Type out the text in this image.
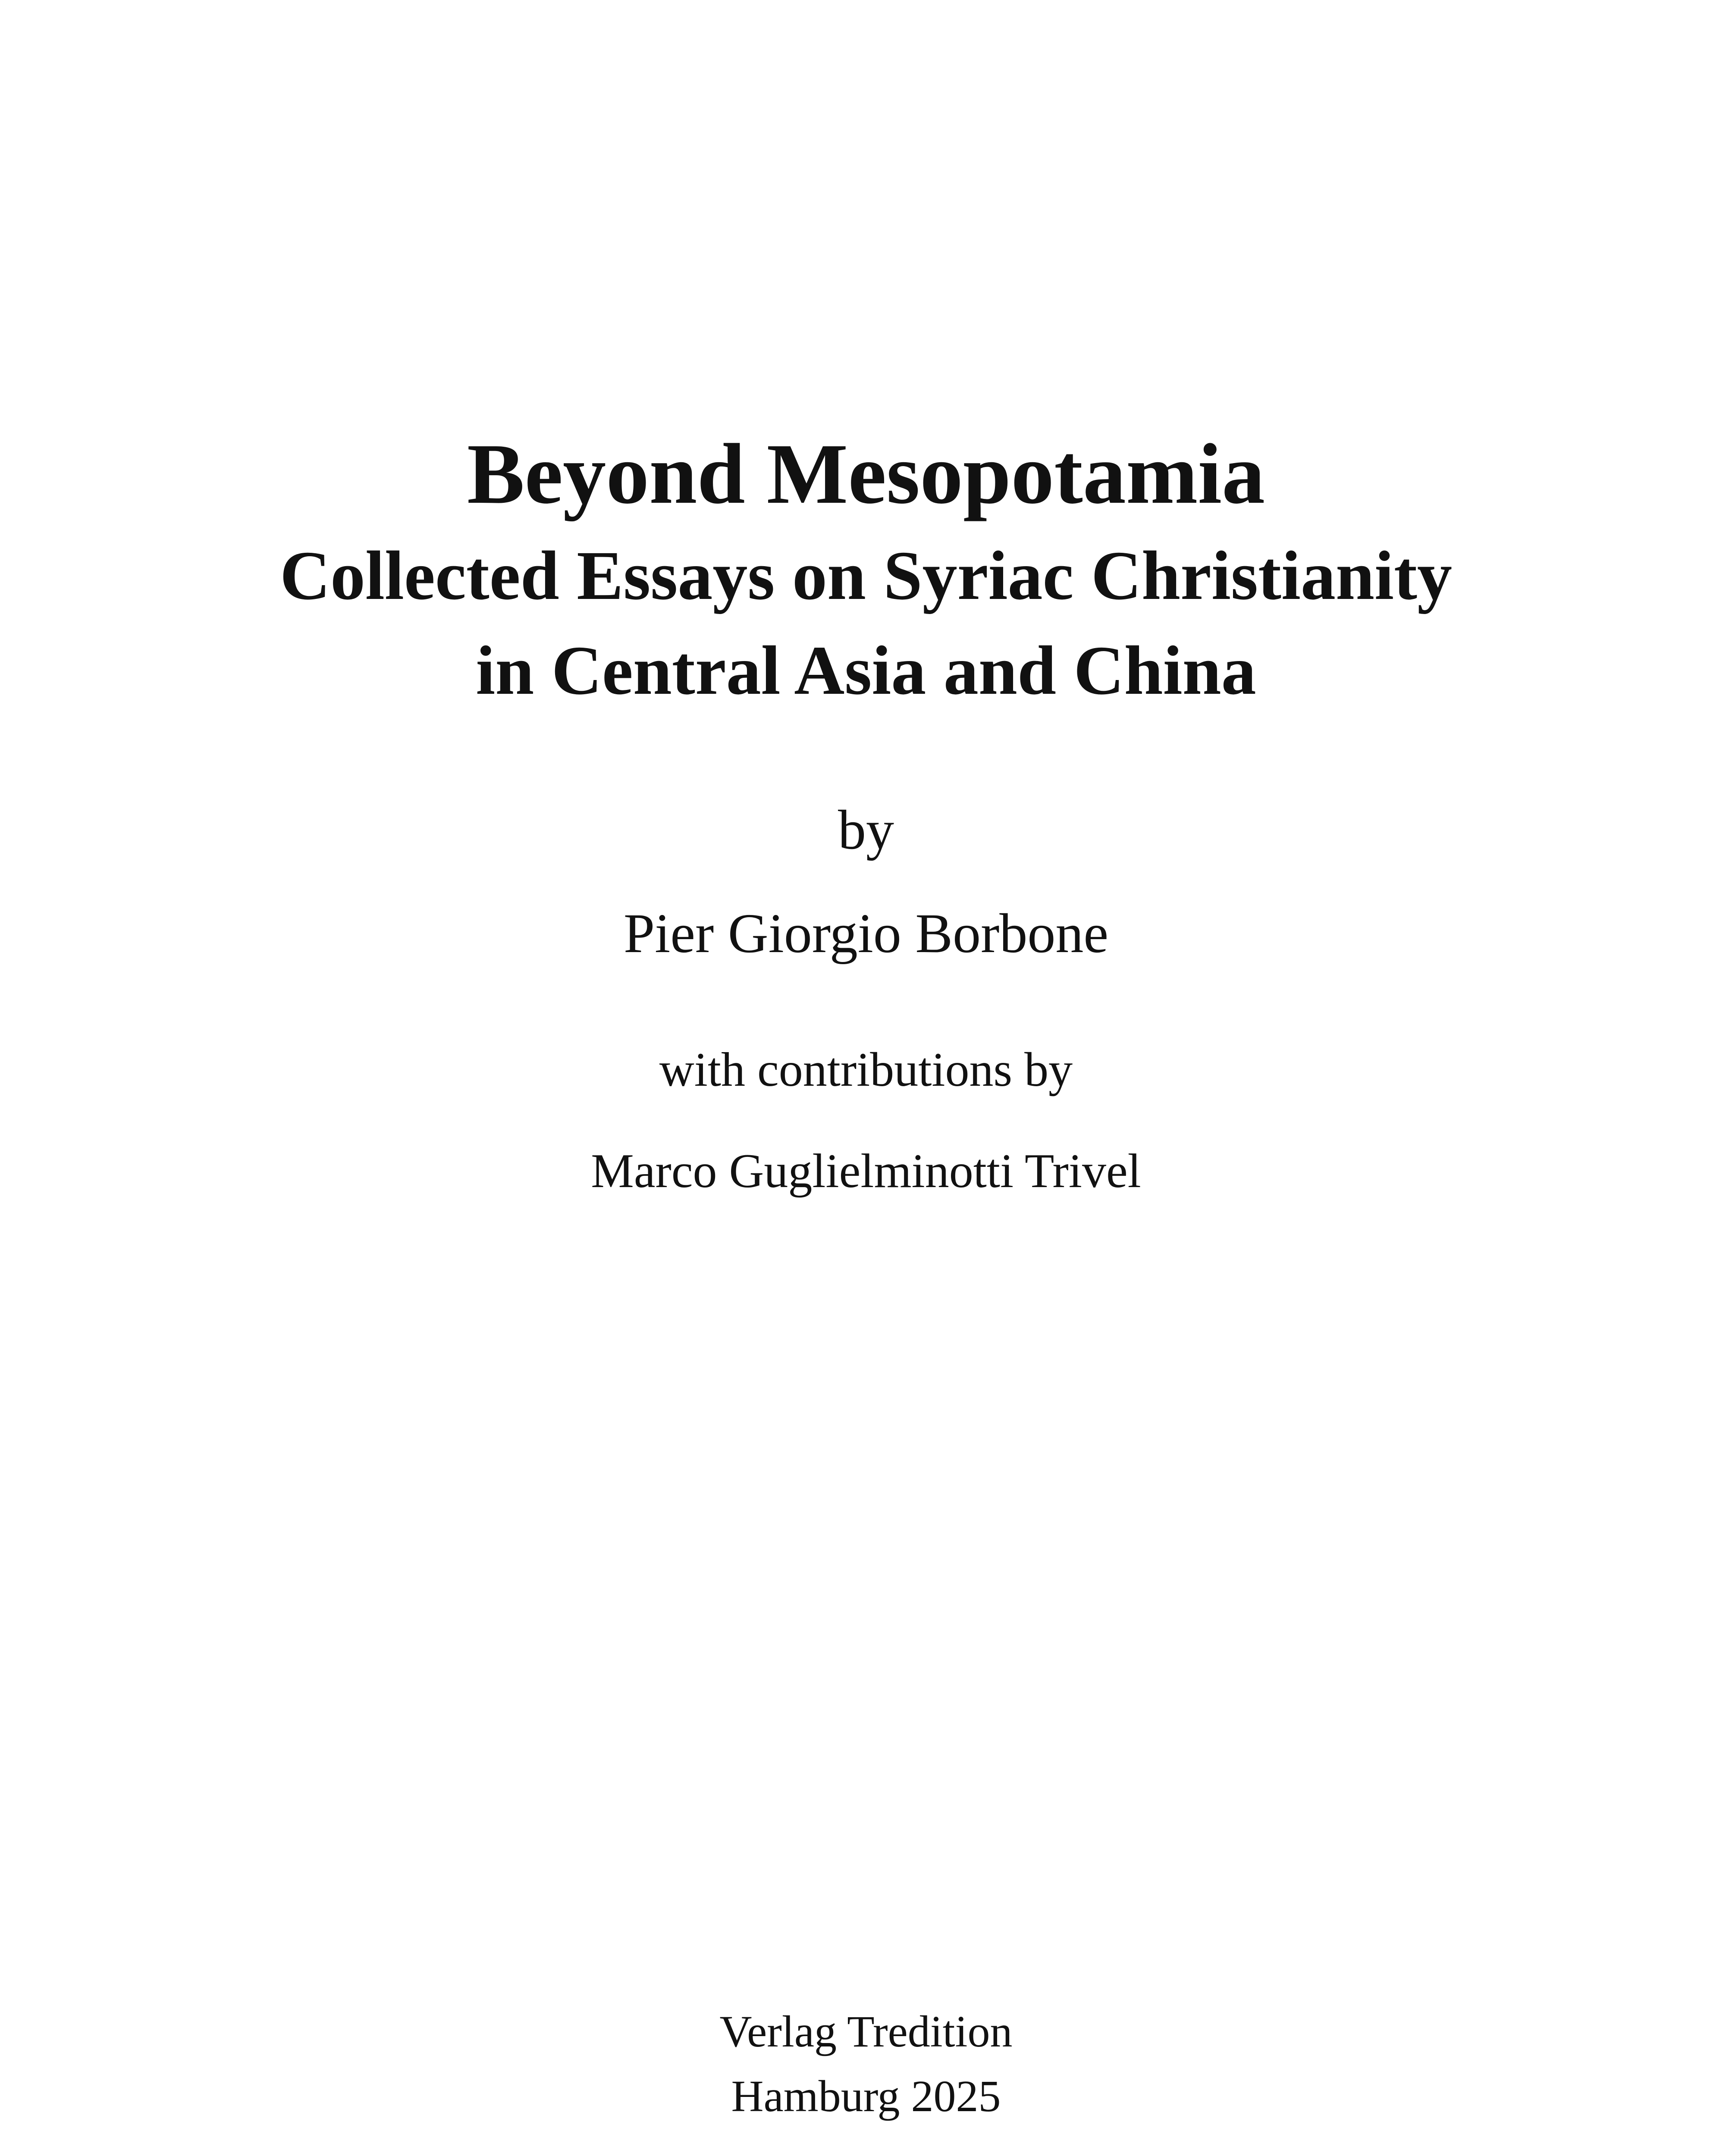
Beyond Mesopotamia
Collected Essays on Syriac Christianity
in Central Asia and China
by
Pier Giorgio Borbone
with contributions by
Marco Guglielminotti Trivel
Verlag Tredition
Hamburg 2025
